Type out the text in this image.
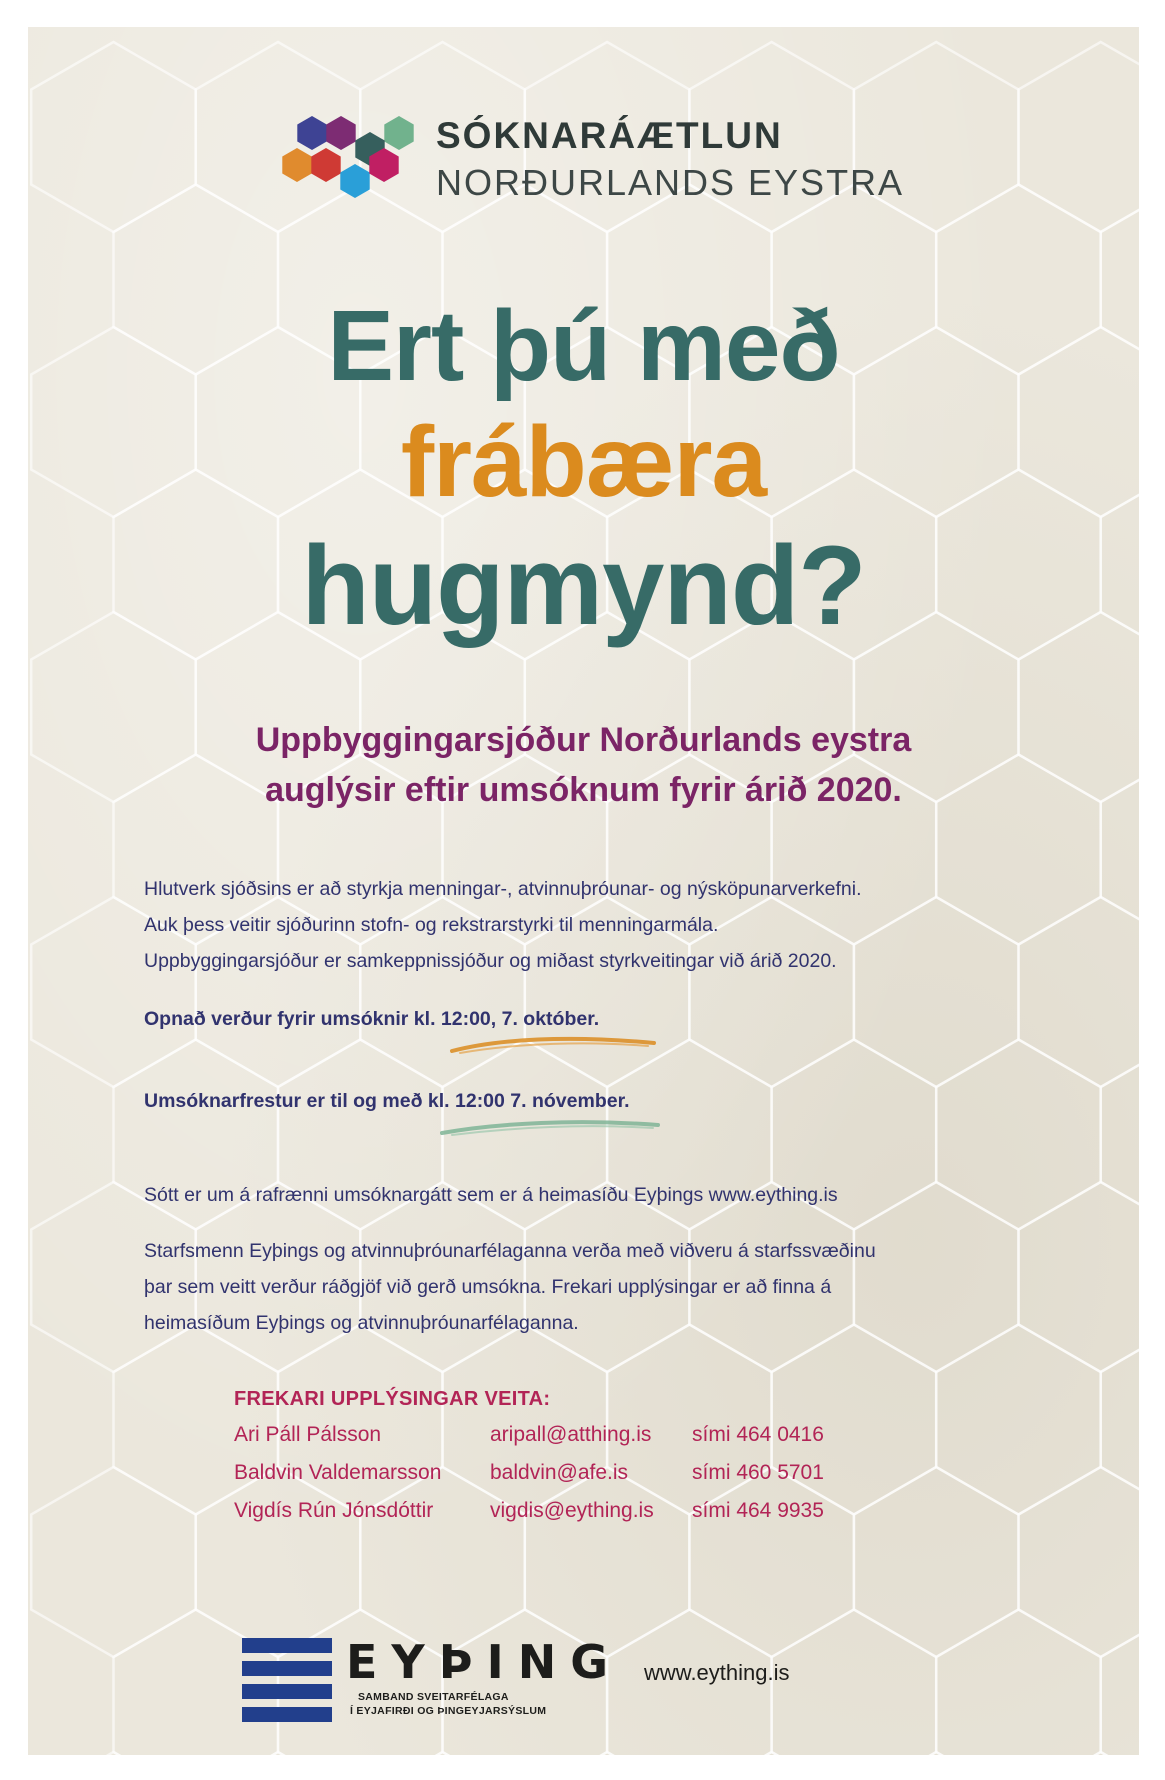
SÓKNARÁÆTLUN
NORÐURLANDS EYSTRA
Ert þú með
frábæra
hugmynd?
Uppbyggingarsjóður Norðurlands eystra
auglýsir eftir umsóknum fyrir árið 2020.
Hlutverk sjóðsins er að styrkja menningar-, atvinnuþróunar- og nýsköpunarverkefni.
Auk þess veitir sjóðurinn stofn- og rekstrarstyrki til menningarmála.
Uppbyggingarsjóður er samkeppnissjóður og miðast styrkveitingar við árið 2020.
Opnað verður fyrir umsóknir kl. 12:00, 7. október.
Umsóknarfrestur er til og með kl. 12:00 7. nóvember.
Sótt er um á rafrænni umsóknargátt sem er á heimasíðu Eyþings www.eything.is
Starfsmenn Eyþings og atvinnuþróunarfélaganna verða með viðveru á starfssvæðinu
þar sem veitt verður ráðgjöf við gerð umsókna. Frekari upplýsingar er að finna á
heimasíðum Eyþings og atvinnuþróunarfélaganna.
FREKARI UPPLÝSINGAR VEITA:
Ari Páll Pálsson	aripall@atthing.is sími 464 0416
Baldvin Valdemarsson baldvin@afe.is	sími 460 5701
Vigdís Rún Jónsdóttir	vigdis@eything.is sími 464 9935
EYÞING
SAMBAND SVEITARFÉLAGA
Í EYJAFIRÐI OG ÞINGEYJARSÝSLUM
www.eything.is
